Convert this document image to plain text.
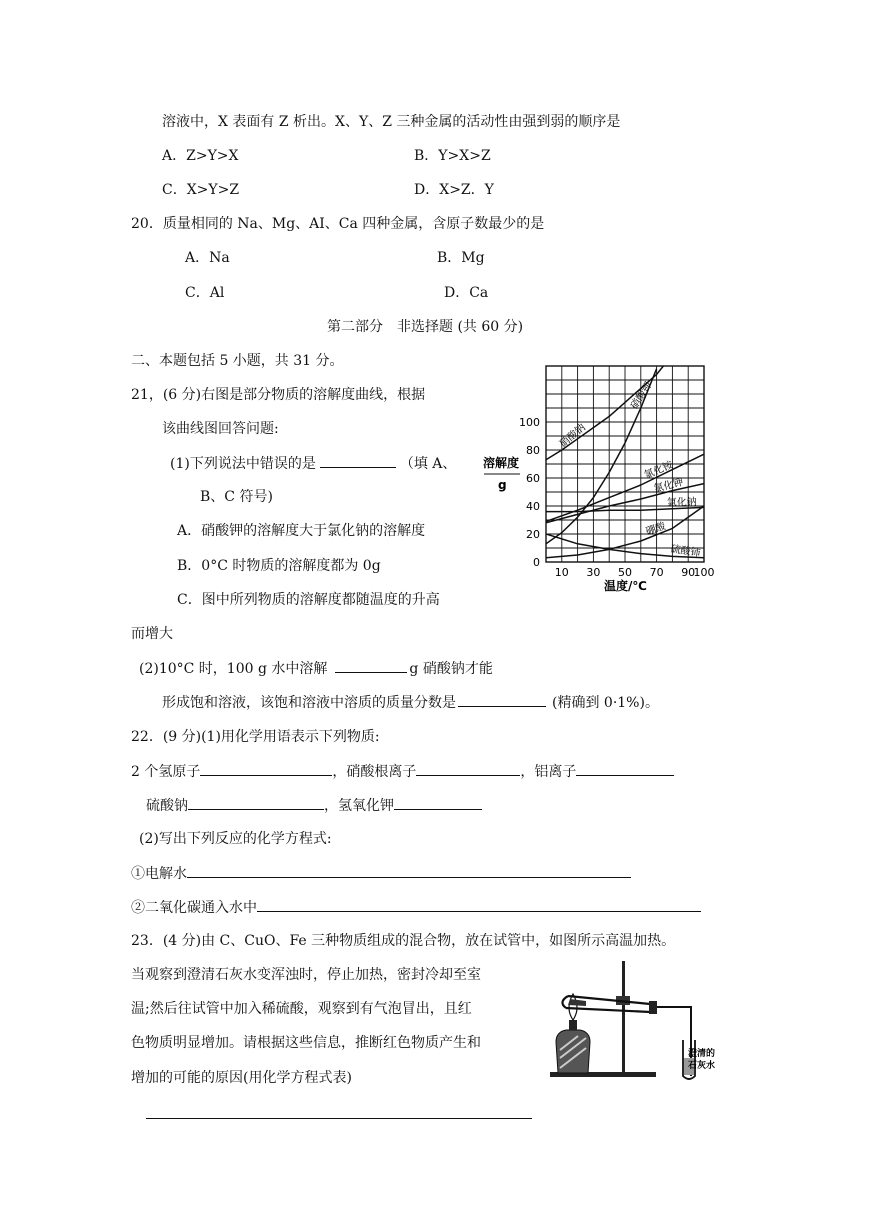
溶液中，X 表面有 Z 析出。X、Y、Z 三种金属的活动性由强到弱的顺序是
A．Z>Y>X	B．Y>X>Z
C．X>Y>Z	D．X>Z．Y
20．质量相同的 Na、Mg、AI、Ca 四种金属，含原子数最少的是
A．Na	B．Mg
C．Al	D．Ca
第二部分　非选择题 (共 60 分)
二、本题包括 5 小题，共 31 分。
21，(6 分)右图是部分物质的溶解度曲线，根据
该曲线图回答问题:
(1)下列说法中错误的是	（填 A、
B、C 符号)
A．硝酸钾的溶解度大于氯化钠的溶解度
B．0°C 时物质的溶解度都为 0g
C．图中所列物质的溶解度都随温度的升高
而增大
(2)10°C 时，100 g 水中溶解	g 硝酸钠才能
形成饱和溶液，该饱和溶液中溶质的质量分数是	(精确到 0·1%)。
10 30 50 70 90
100
0
20
40
60
80
100 硝酸钠
硝酸钾
氯化铵
氯化钾
氯化钠
硼酸
硫酸铈
溶解度
g
温度/℃
22．(9 分)(1)用化学用语表示下列物质:
2 个氢原子	，硝酸根离子	，铝离子
硫酸钠	，氢氧化钾
(2)写出下列反应的化学方程式:
①电解水
②二氧化碳通入水中
23．(4 分)由 C、CuO、Fe 三种物质组成的混合物，放在试管中，如图所示高温加热。
当观察到澄清石灰水变浑浊时，停止加热，密封冷却至室
温;然后往试管中加入稀硫酸，观察到有气泡冒出，且红
色物质明显增加。请根据这些信息，推断红色物质产生和
增加的可能的原因(用化学方程式表)
澄清的
石灰水
